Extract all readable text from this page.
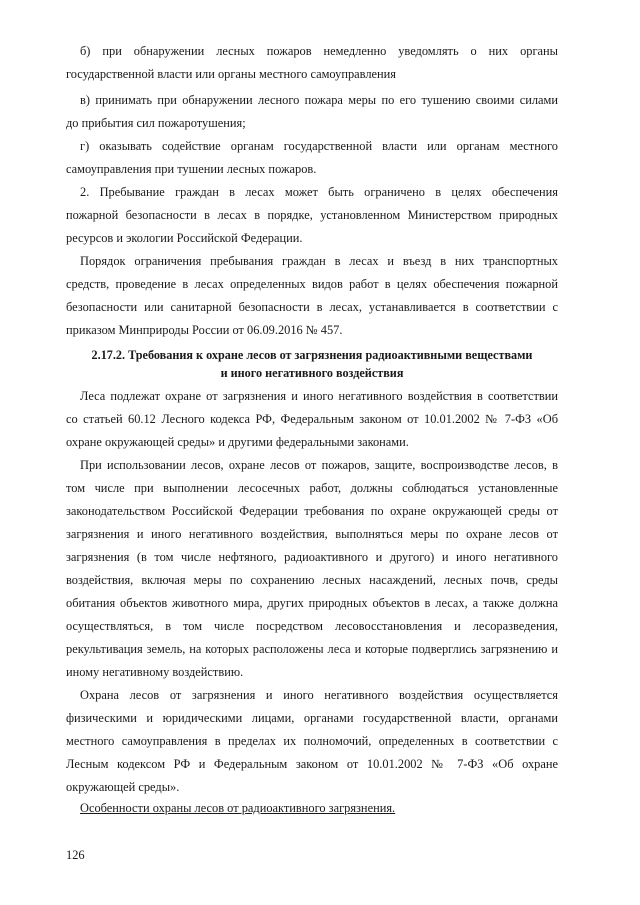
б) при обнаружении лесных пожаров немедленно уведомлять о них органы
государственной власти или органы местного самоуправления
в) принимать при обнаружении лесного пожара меры по его тушению своими силами
до прибытия сил пожаротушения;
г) оказывать содействие органам государственной власти или органам местного
самоуправления при тушении лесных пожаров.
2. Пребывание граждан в лесах может быть ограничено в целях обеспечения
пожарной безопасности в лесах в порядке, установленном Министерством природных
ресурсов и экологии Российской Федерации.
Порядок ограничения пребывания граждан в лесах и въезд в них транспортных
средств, проведение в лесах определенных видов работ в целях обеспечения пожарной
безопасности или санитарной безопасности в лесах, устанавливается в соответствии с
приказом Минприроды России от 06.09.2016 № 457.
2.17.2. Требования к охране лесов от загрязнения радиоактивными веществами
и иного негативного воздействия
Леса подлежат охране от загрязнения и иного негативного воздействия в соответствии
со статьей 60.12 Лесного кодекса РФ, Федеральным законом от 10.01.2002 № 7-ФЗ «Об
охране окружающей среды» и другими федеральными законами.
При использовании лесов, охране лесов от пожаров, защите, воспроизводстве лесов, в
том числе при выполнении лесосечных работ, должны соблюдаться установленные
законодательством Российской Федерации требования по охране окружающей среды от
загрязнения и иного негативного воздействия, выполняться меры по охране лесов от
загрязнения (в том числе нефтяного, радиоактивного и другого) и иного негативного
воздействия, включая меры по сохранению лесных насаждений, лесных почв, среды
обитания объектов животного мира, других природных объектов в лесах, а также должна
осуществляться, в том числе посредством лесовосстановления и лесоразведения,
рекультивация земель, на которых расположены леса и которые подверглись загрязнению и
иному негативному воздействию.
Охрана лесов от загрязнения и иного негативного воздействия осуществляется
физическими и юридическими лицами, органами государственной власти, органами
местного самоуправления в пределах их полномочий, определенных в соответствии с
Лесным кодексом РФ и Федеральным законом от 10.01.2002 № 7-ФЗ «Об охране
окружающей среды».
Особенности охраны лесов от радиоактивного загрязнения.
126
